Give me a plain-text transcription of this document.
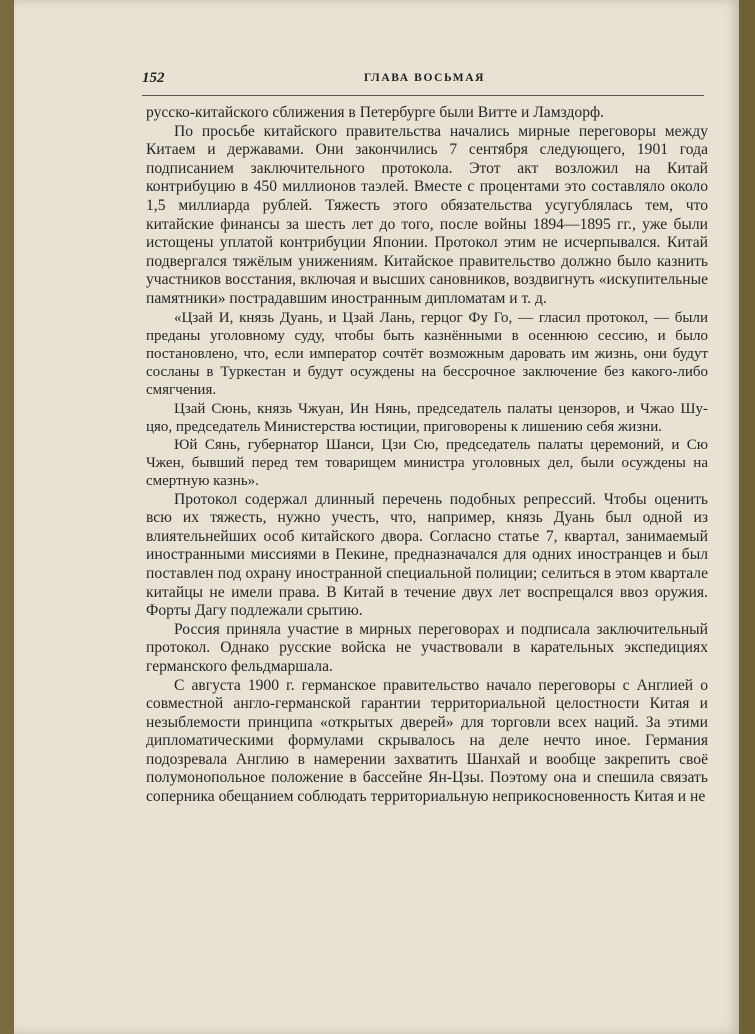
152	ГЛАВА ВОСЬМАЯ

русско-китайского сближения в Петербурге были Витте и Ламздорф.

По просьбе китайского правительства начались мирные переговоры между Китаем и державами. Они закончились 7 сентября следующего, 1901 года подписанием заключительного протокола. Этот акт возложил на Китай контрибуцию в 450 миллионов таэлей. Вместе с процентами это составляло около 1,5 миллиарда рублей. Тяжесть этого обязательства усугублялась тем, что китайские финансы за шесть лет до того, после войны 1894—1895 гг., уже были истощены уплатой контрибуции Японии. Протокол этим не исчерпывался. Китай подвергался тяжёлым унижениям. Китайское правительство должно было казнить участников восстания, включая и высших сановников, воздвигнуть «искупительные памятники» пострадавшим иностранным дипломатам и т. д.

«Цзай И, князь Дуань, и Цзай Лань, герцог Фу Го, — гласил протокол, — были преданы уголовному суду, чтобы быть казнёнными в осеннюю сессию, и было постановлено, что, если император сочтёт возможным даровать им жизнь, они будут сосланы в Туркестан и будут осуждены на бессрочное заключение без какого-либо смягчения.

Цзай Сюнь, князь Чжуан, Ин Нянь, председатель палаты цензоров, и Чжао Шу-цяо, председатель Министерства юстиции, приговорены к лишению себя жизни.

Юй Сянь, губернатор Шанси, Цзи Сю, председатель палаты церемоний, и Сю Чжен, бывший перед тем товарищем министра уголовных дел, были осуждены на смертную казнь».

Протокол содержал длинный перечень подобных репрессий. Чтобы оценить всю их тяжесть, нужно учесть, что, например, князь Дуань был одной из влиятельнейших особ китайского двора. Согласно статье 7, квартал, занимаемый иностранными миссиями в Пекине, предназначался для одних иностранцев и был поставлен под охрану иностранной специальной полиции; селиться в этом квартале китайцы не имели права. В Китай в течение двух лет воспрещался ввоз оружия. Форты Дагу подлежали срытию.

Россия приняла участие в мирных переговорах и подписала заключительный протокол. Однако русские войска не участвовали в карательных экспедициях германского фельдмаршала.

С августа 1900 г. германское правительство начало переговоры с Англией о совместной англо-германской гарантии территориальной целостности Китая и незыблемости принципа «открытых дверей» для торговли всех наций. За этими дипломатическими формулами скрывалось на деле нечто иное. Германия подозревала Англию в намерении захватить Шанхай и вообще закрепить своё полумонопольное положение в бассейне Ян-Цзы. Поэтому она и спешила связать соперника обещанием соблюдать территориальную неприкосновенность Китая и не
